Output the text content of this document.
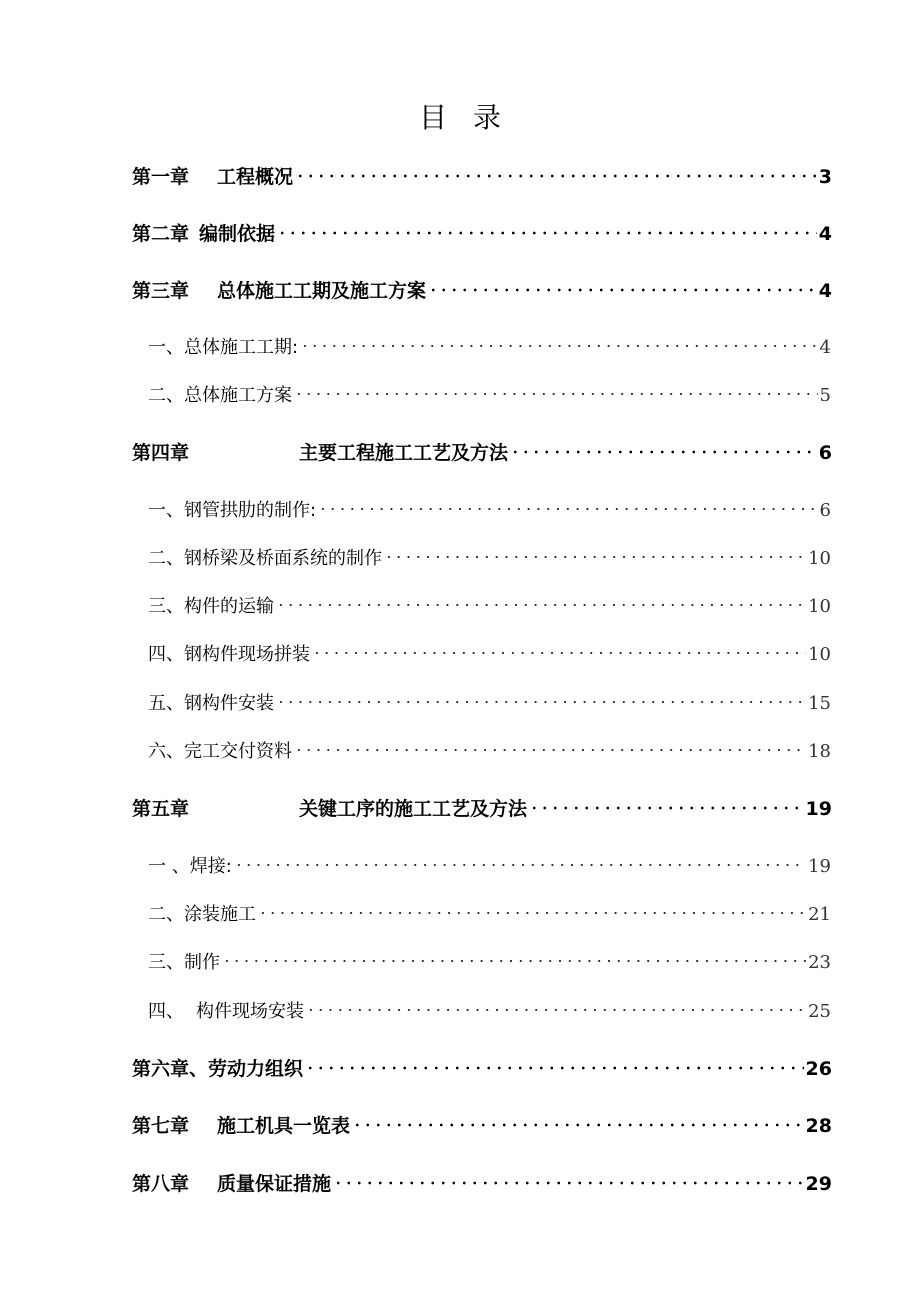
目 录
第一章 工程概况	3
第二章 编制依据	4
第三章 总体施工工期及施工方案	4
一、总体施工工期:	4
二、总体施工方案	5
第四章	主要工程施工工艺及方法	6
一、钢管拱肋的制作:	6
二、钢桥梁及桥面系统的制作	10
三、构件的运输	10
四、钢构件现场拼装	10
五、钢构件安装	15
六、完工交付资料	18
第五章	关键工序的施工工艺及方法	19
一 、焊接:	19
二、涂装施工	21
三、制作	23
四、 构件现场安装	25
第六章、劳动力组织	26
第七章 施工机具一览表	28
第八章 质量保证措施	29
